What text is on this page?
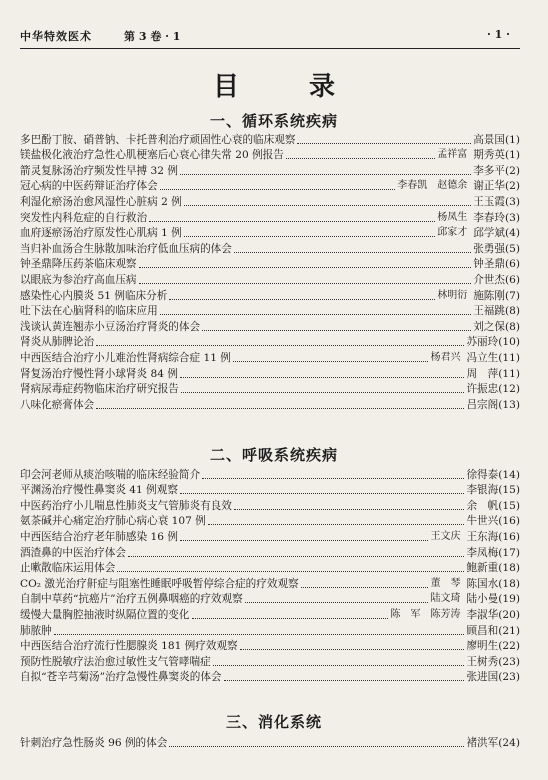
中华特效医术	第 3 卷 · 1	· 1 ·
目　录
一、循环系统疾病
多巴酚丁胺、硝普钠、卡托普利治疗顽固性心衰的临床观察	高景国(1)
镁盐极化液治疗急性心肌梗塞后心衰心律失常 20 例报告	孟祥富 期秀英(1)
箭灵复脉汤治疗频发性早搏 32 例	李多平(2)
冠心病的中医药辩证治疗体会	李春凯　赵德余 谢正华(2)
利湿化瘀汤治愈风湿性心脏病 2 例	王玉霞(3)
突发性内科危症的自行救治	杨凤生 李春玲(3)
血府逐瘀汤治疗原发性心肌病 1 例	邱家才 邱学斌(4)
当归补血汤合生脉散加味治疗低血压病的体会	张勇强(5)
钟圣鼎降压药茶临床观察	钟圣鼎(6)
以眼底为参治疗高血压病	介世杰(6)
感染性心内膜炎 51 例临床分析	林明衍 施陈刚(7)
吐下法在心脑肾科的临床应用	王福跳(8)
浅谈认黄连翘赤小豆汤治疗肾炎的体会	刘之保(8)
肾炎从肺脾论治	苏丽玲(10)
中西医结合治疗小儿难治性肾病综合症 11 例	杨君兴 冯立生(11)
肾复汤治疗慢性肾小球肾炎 84 例	周　萍(11)
肾病尿毒症药物临床治疗研究报告	许振忠(12)
八味化瘀膏体会	吕宗阁(13)
二、呼吸系统疾病
印会河老师从痰治咳喘的临床经验简介	徐得泰(14)
平渊汤治疗慢性鼻窦炎 41 例观察	李银海(15)
中医药治疗小儿喘息性肺炎支气管肺炎有良效	余　帆(15)
氨茶碱并心痛定治疗肺心病心衰 107 例	牛世兴(16)
中西医结合治疗老年肺感染 16 例	王文庆 王东海(16)
酒渣鼻的中医治疗体会	李凤梅(17)
止嗽散临床运用体会	鲍新重(18)
CO₂ 激光治疗鼾症与阻塞性睡眠呼吸暂停综合症的疗效观察	董　琴 陈国水(18)
自制中草药“抗癌片”治疗五例鼻咽癌的疗效观察	陆文琦 陆小曼(19)
缓慢大量胸腔抽液时纵隔位置的变化	陈　军　陈芳涛 李淑华(20)
肺脓肿	顾昌和(21)
中西医结合治疗流行性腮腺炎 181 例疗效观察	廖明生(22)
预防性脱敏疗法治愈过敏性支气管哮喘症	王树秀(23)
自拟“苍辛芎菊汤”治疗急慢性鼻窦炎的体会	张进国(23)
三、消化系统
针刺治疗急性肠炎 96 例的体会	褚洪军(24)
